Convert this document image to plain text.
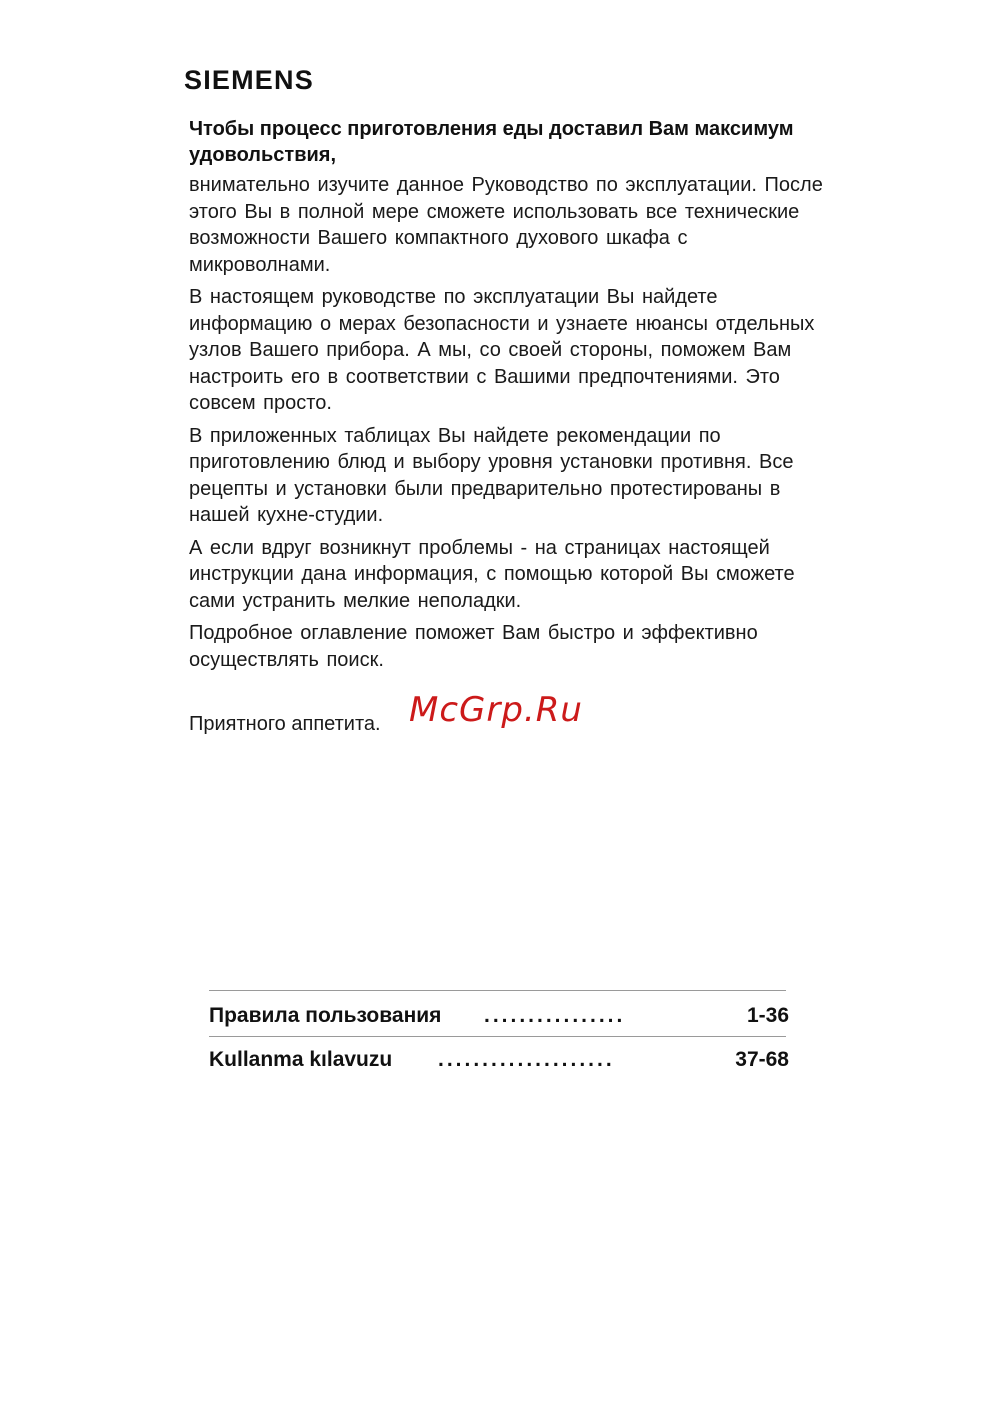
SIEMENS

Чтобы процесс приготовления еды доставил Вам максимум удовольствия,

внимательно изучите данное Руководство по эксплуатации. После этого Вы в полной мере сможете использовать все технические возможности Вашего компактного духового шкафа с микроволнами.

В настоящем руководстве по эксплуатации Вы найдете информацию о мерах безопасности и узнаете нюансы отдельных узлов Вашего прибора. А мы, со своей стороны, поможем Вам настроить его в соответствии с Вашими предпочтениями. Это совсем просто.

В приложенных таблицах Вы найдете рекомендации по приготовлению блюд и выбору уровня установки противня. Все рецепты и установки были предварительно протестированы в нашей кухне-студии.

А если вдруг возникнут проблемы - на страницах настоящей инструкции дана информация, с помощью которой Вы сможете сами устранить мелкие неполадки.

Подробное оглавление поможет Вам быстро и эффективно осуществлять поиск.

Приятного аппетита. McGrp.Ru
Правила пользования ................	1-36
Kullanma kılavuzu ....................	37-68
